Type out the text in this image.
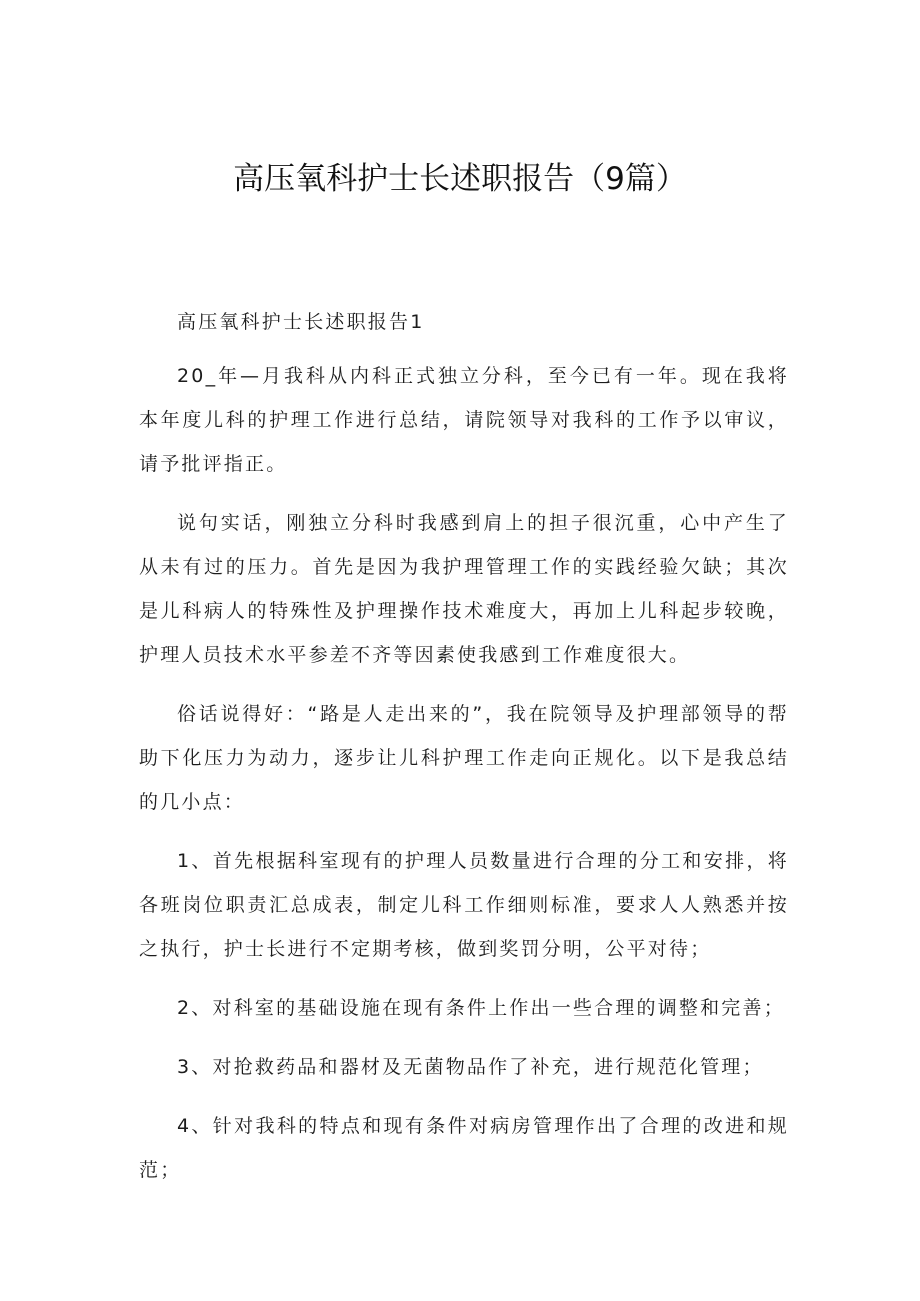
高压氧科护士长述职报告（9篇）

高压氧科护士长述职报告1

20_年—月我科从内科正式独立分科，至今已有一年。现在我将本年度儿科的护理工作进行总结，请院领导对我科的工作予以审议，请予批评指正。

说句实话，刚独立分科时我感到肩上的担子很沉重，心中产生了从未有过的压力。首先是因为我护理管理工作的实践经验欠缺；其次是儿科病人的特殊性及护理操作技术难度大，再加上儿科起步较晚，护理人员技术水平参差不齐等因素使我感到工作难度很大。

俗话说得好：“路是人走出来的”，我在院领导及护理部领导的帮助下化压力为动力，逐步让儿科护理工作走向正规化。以下是我总结的几小点：

1、首先根据科室现有的护理人员数量进行合理的分工和安排，将各班岗位职责汇总成表，制定儿科工作细则标准，要求人人熟悉并按之执行，护士长进行不定期考核，做到奖罚分明，公平对待；

2、对科室的基础设施在现有条件上作出一些合理的调整和完善；

3、对抢救药品和器材及无菌物品作了补充，进行规范化管理；

4、针对我科的特点和现有条件对病房管理作出了合理的改进和规范；
